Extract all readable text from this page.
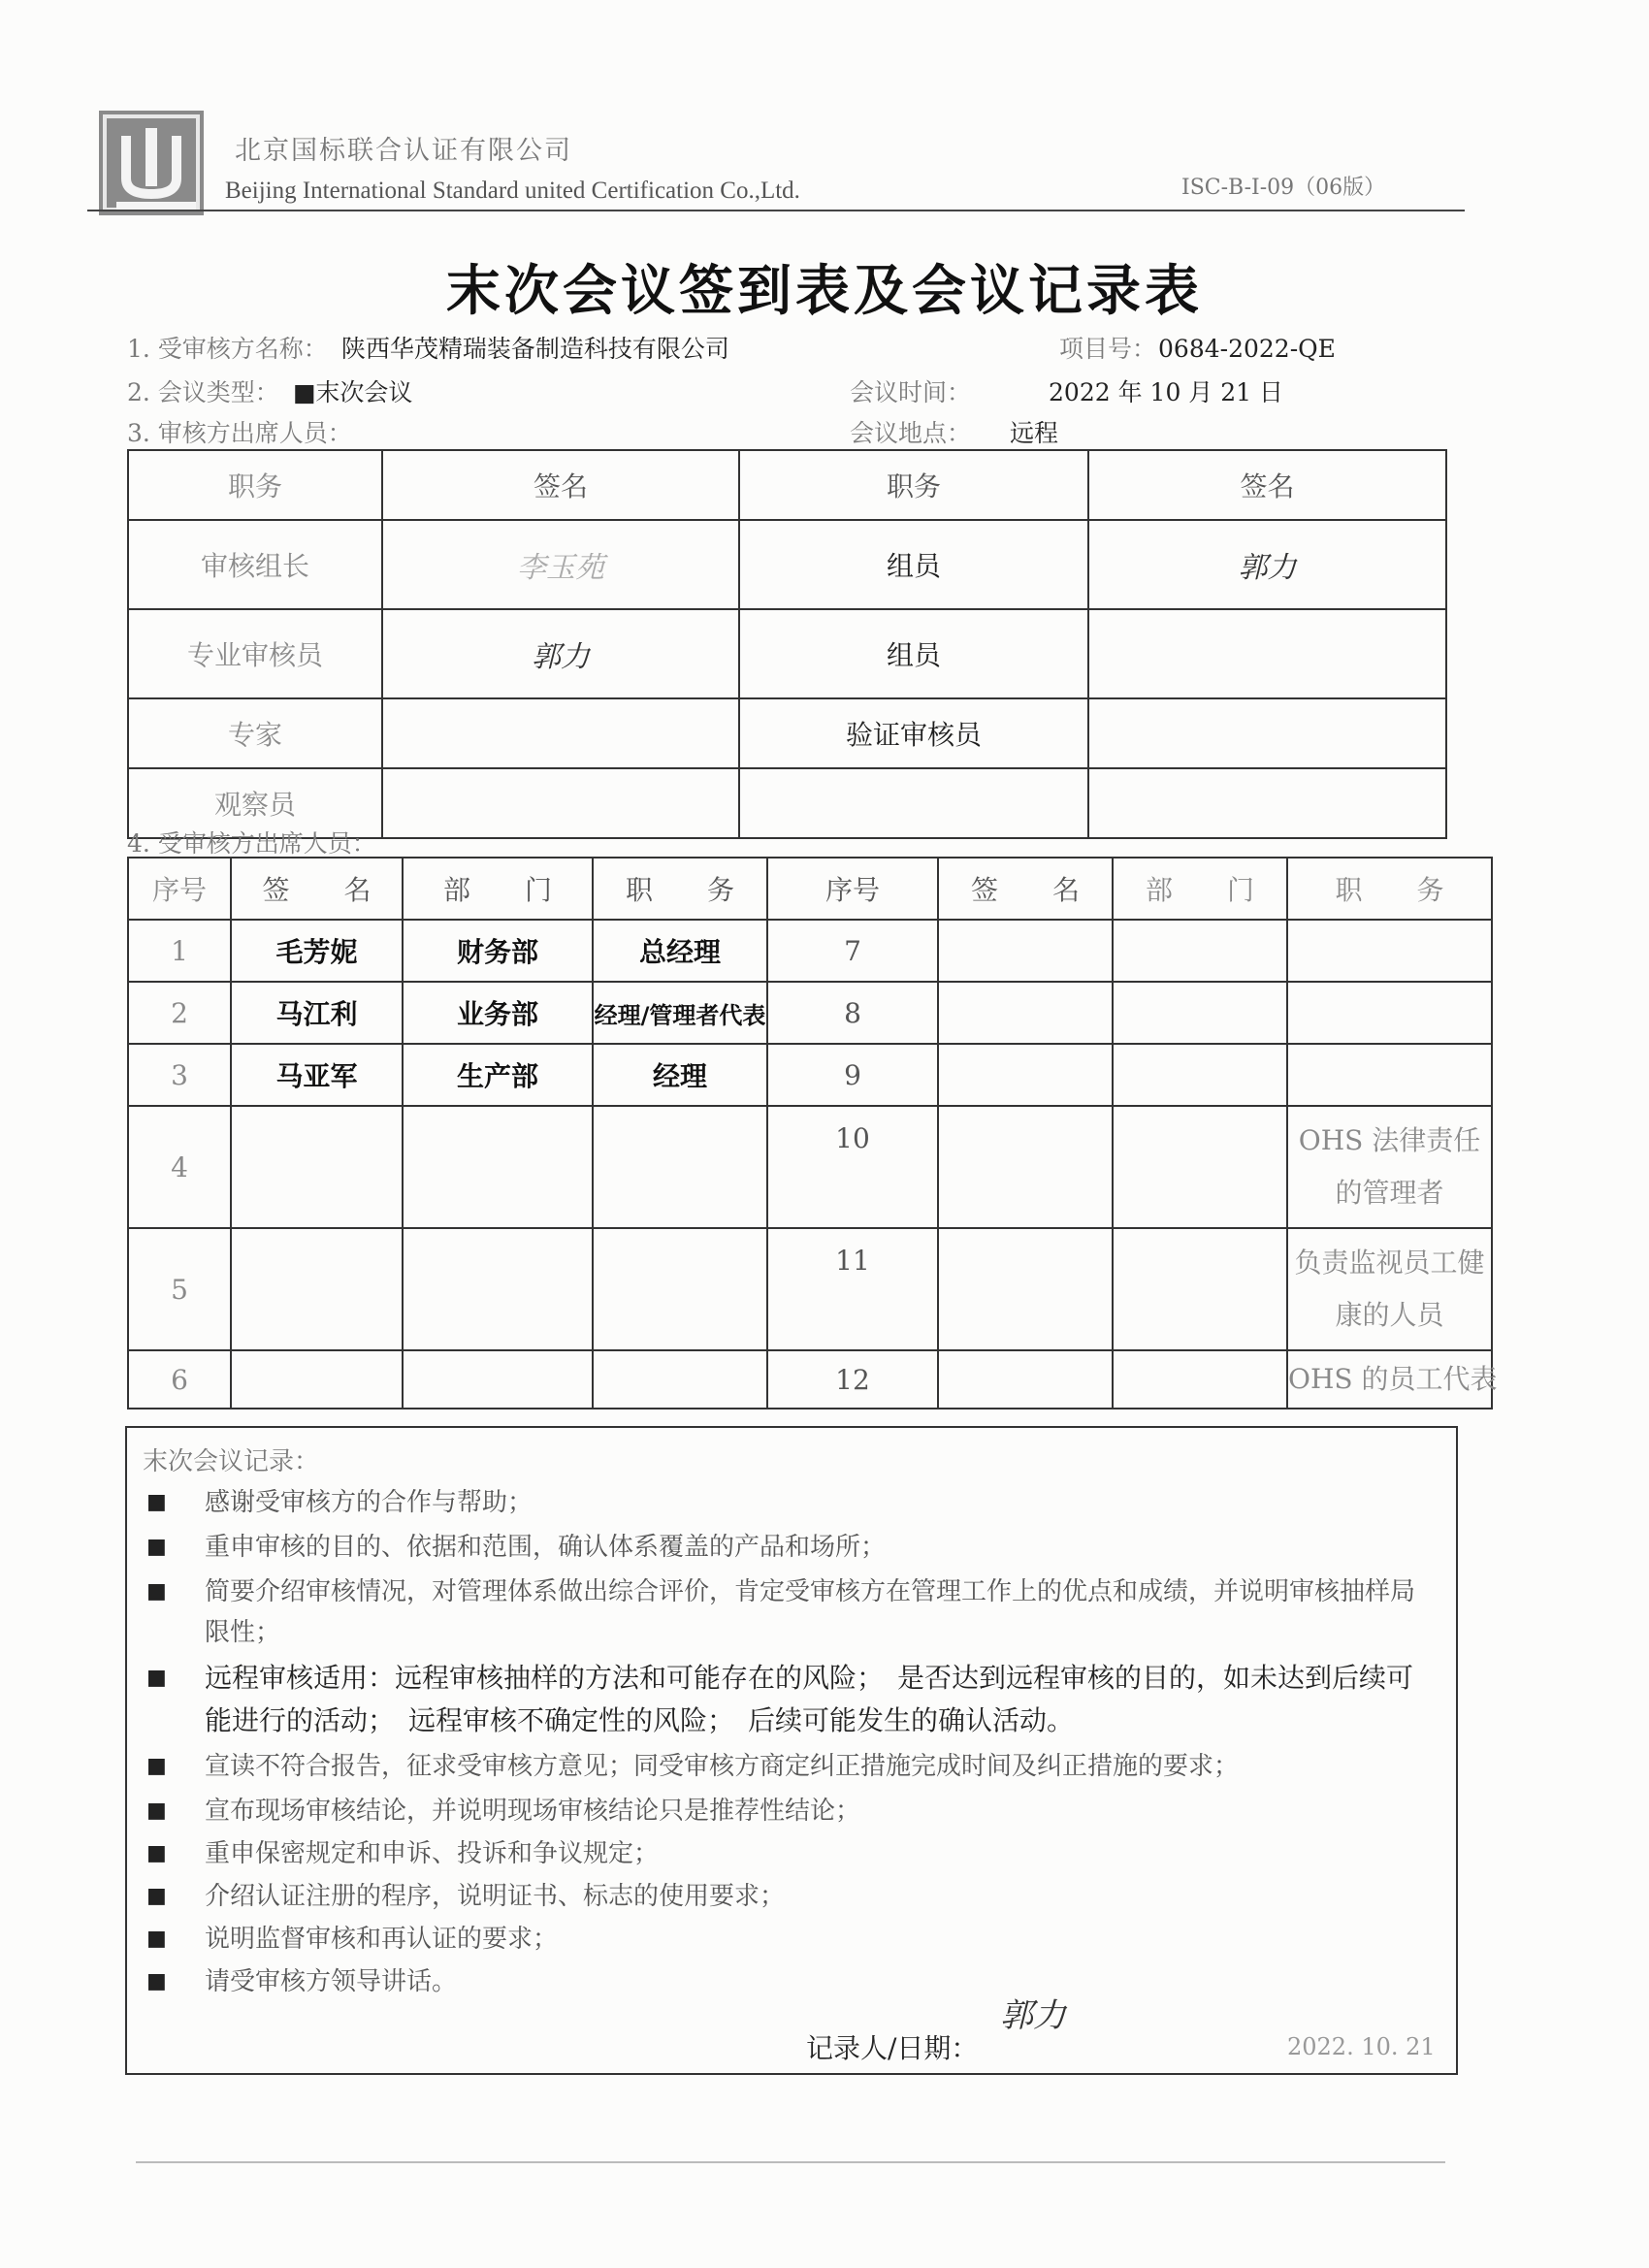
北京国标联合认证有限公司
Beijing International Standard united Certification Co.,Ltd.	ISC-B-I-09（06版）
末次会议签到表及会议记录表
1. 受审核方名称： 陕西华茂精瑞装备制造科技有限公司	项目号：0684-2022-QE
2. 会议类型： ■末次会议	会议时间：	2022 年 10 月 21 日
3. 审核方出席人员：	会议地点： 远程
职务	签名	职务	签名
审核组长	李玉苑	组员	郭力
专业审核员	郭力	组员	
专家		验证审核员	
观察员			
4. 受审核方出席人员：
序号	签　　名	部　　门	职　　务	序号	签　　名	部　　门	职　　务
1	毛芳妮	财务部	总经理	7			
2	马江利	业务部	经理/管理者代表	8			
3	马亚军	生产部	经理	9			
4				10			OHS 法律责任的管理者
5				11			负责监视员工健康的人员
6				12			OHS 的员工代表
末次会议记录：
■ 感谢受审核方的合作与帮助；
■ 重申审核的目的、依据和范围，确认体系覆盖的产品和场所；
■ 简要介绍审核情况，对管理体系做出综合评价，肯定受审核方在管理工作上的优点和成绩，并说明审核抽样局限性；
■ 远程审核适用：远程审核抽样的方法和可能存在的风险；　是否达到远程审核的目的，如未达到后续可能进行的活动；　远程审核不确定性的风险；　后续可能发生的确认活动。
■ 宣读不符合报告，征求受审核方意见；同受审核方商定纠正措施完成时间及纠正措施的要求；
■ 宣布现场审核结论，并说明现场审核结论只是推荐性结论；
■ 重申保密规定和申诉、投诉和争议规定；
■ 介绍认证注册的程序，说明证书、标志的使用要求；
■ 说明监督审核和再认证的要求；
■ 请受审核方领导讲话。
记录人/日期：
郭力
2022. 10. 21
